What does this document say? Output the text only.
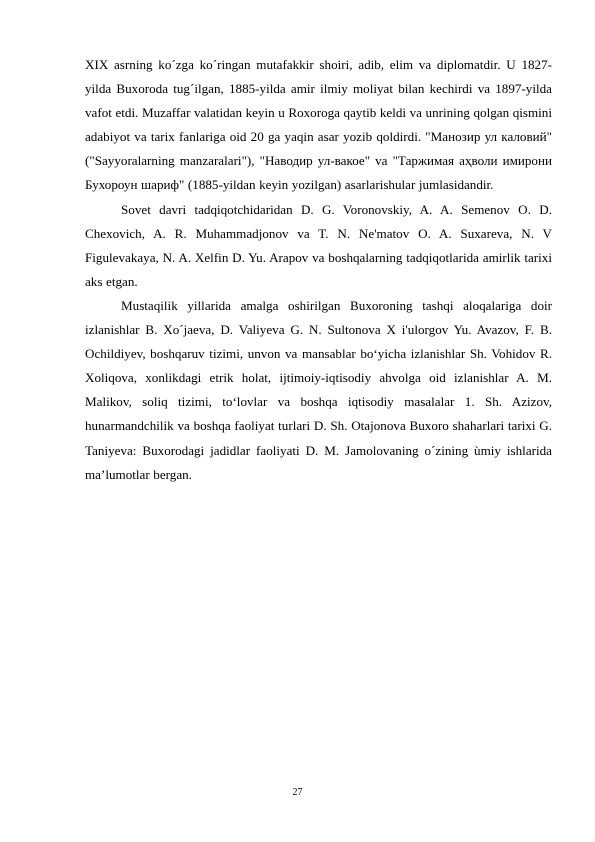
XIX asrning ko´zga ko´ringan mutafakkir shoiri, adib, elim va diplomatdir. U 1827-yilda Buxoroda tug´ilgan, 1885-yilda amir ilmiy moliyat bilan kechirdi va 1897-yilda vafot etdi. Muzaffar valatidan keyin u Roxoroga qaytib keldi va unrining qolgan qismini adabiyot va tarix fanlariga oid 20 ga yaqin asar yozib qoldirdi. "Манозир ул каловий" ("Sayyoralarning manzaralari"), "Наводир ул-вакое" va "Таржимая аҳволи имирони Бухороун шариф" (1885-yildan keyin yozilgan) asarlarishular jumlasidandir.

Sovet davri tadqiqotchidaridan D. G. Voronovskiy, A. A. Semenov O. D. Chexovich, A. R. Muhammadjonov va T. N. Ne'matov O. A. Suxareva, N. V Figulevakaya, N. A. Xelfin D. Yu. Arapov va boshqalarning tadqiqotlarida amirlik tarixi aks etgan.

Mustaqilik yillarida amalga oshirilgan Buxoroning tashqi aloqalariga doir izlanishlar B. Xo´jaeva, D. Valiyeva G. N. Sultonova X i'ulorgov Yu. Avazov, F. B. Ochildiyev, boshqaruv tizimi, unvon va mansablar bo‘yicha izlanishlar Sh. Vohidov R. Xoliqova, xonlikdagi etrik holat, ijtimoiy-iqtisodiy ahvolga oid izlanishlar A. M. Malikov, soliq tizimi, to‘lovlar va boshqa iqtisodiy masalalar 1. Sh. Azizov, hunarmandchilik va boshqa faoliyat turlari D. Sh. Otajonova Buxoro shaharlari tarixi G. Taniyeva: Buxorodagi jadidlar faoliyati D. M. Jamolovaning o´zining ùmiy ishlarida ma’lumotlar bergan.

27
